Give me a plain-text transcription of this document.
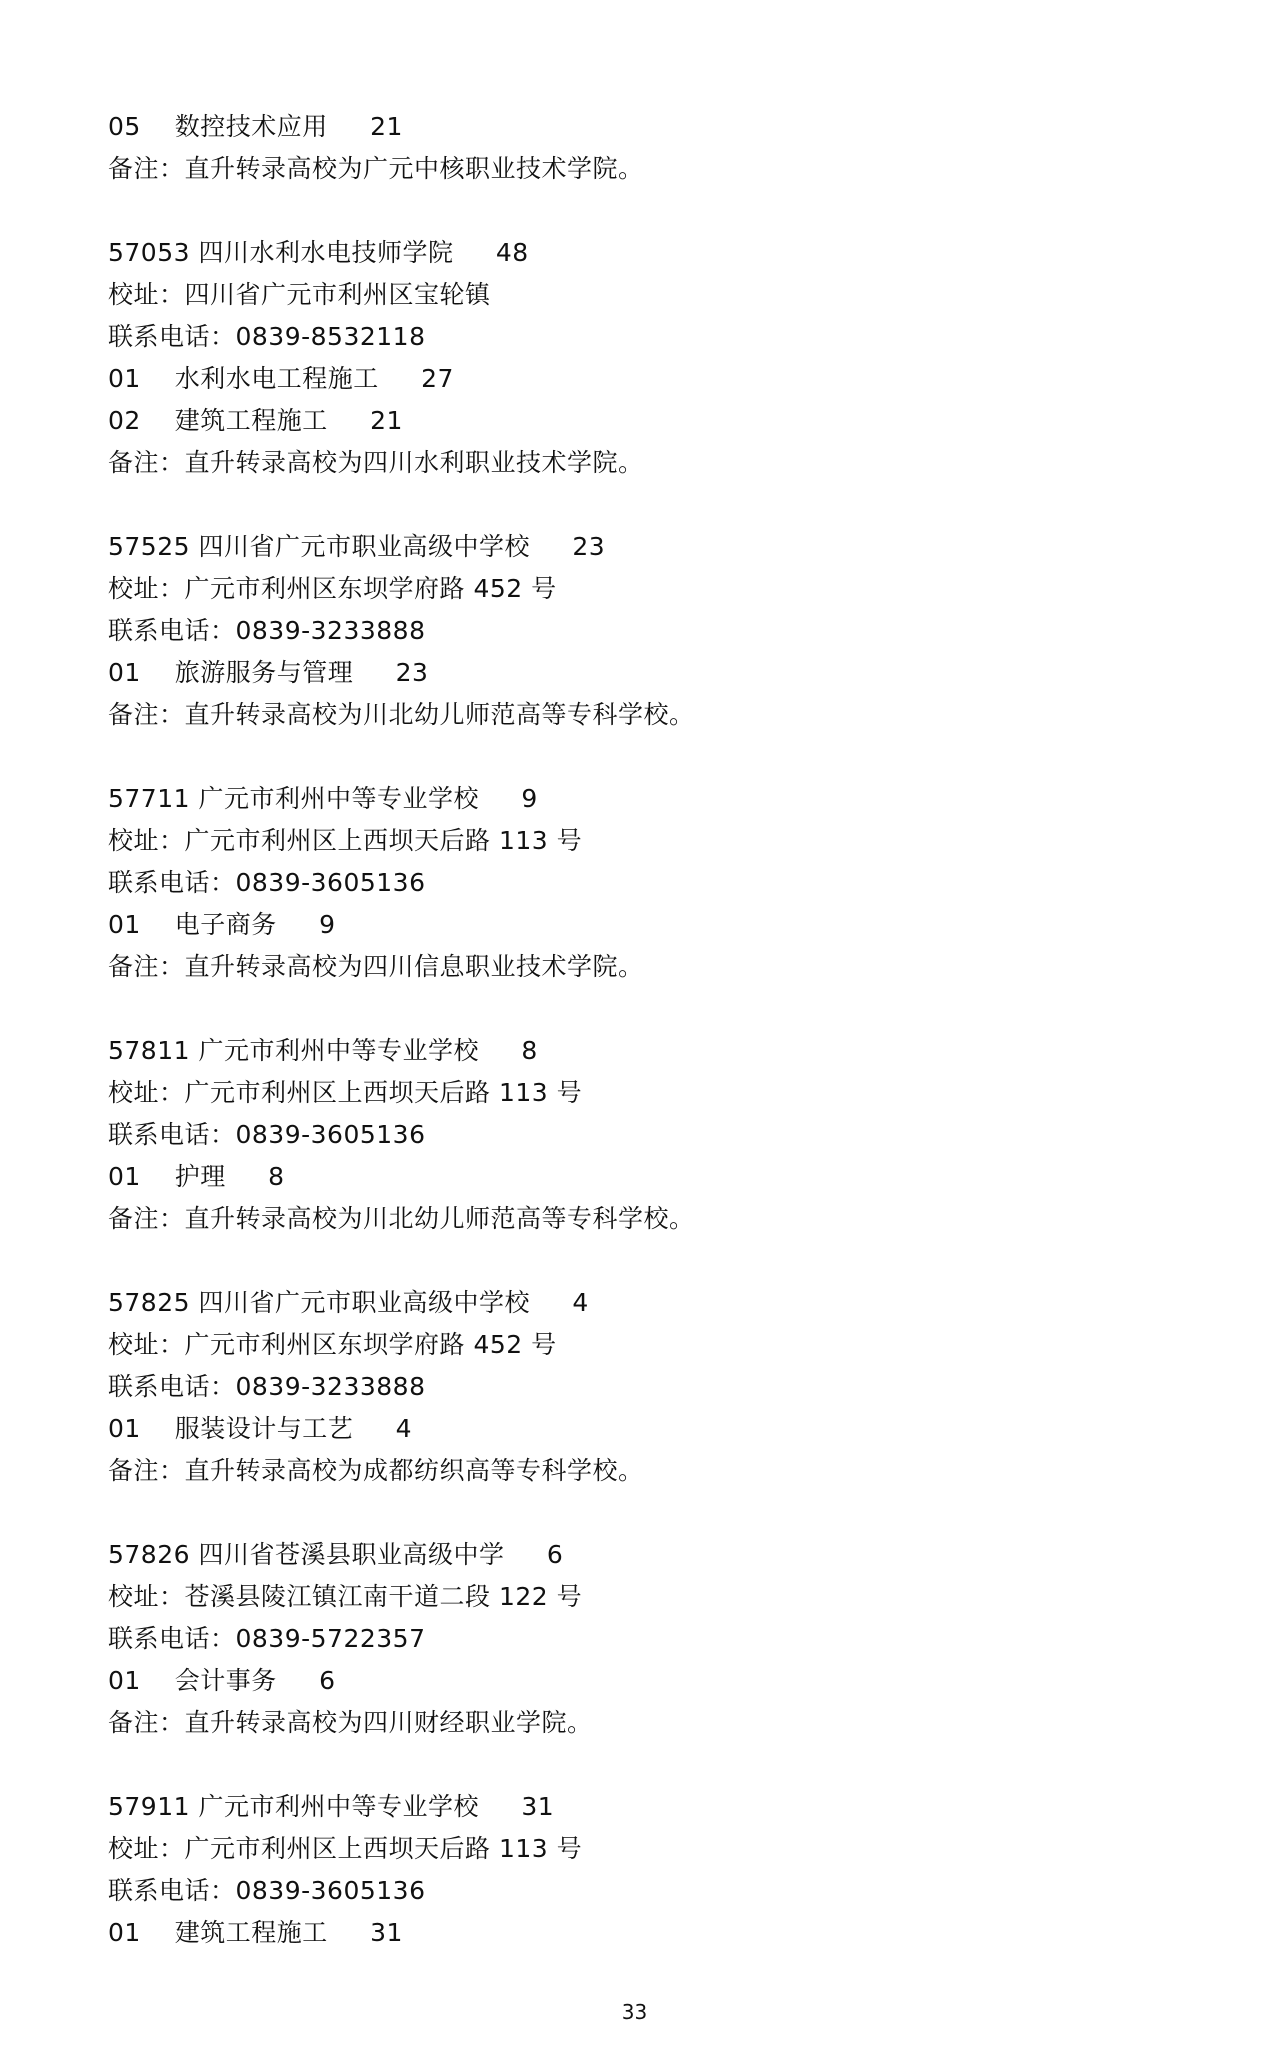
05　 数控技术应用 　 21
备注：直升转录高校为广元中核职业技术学院。
57053 四川水利水电技师学院 　 48
校址：四川省广元市利州区宝轮镇
联系电话：0839-8532118
01　 水利水电工程施工 　 27
02　 建筑工程施工 　 21
备注：直升转录高校为四川水利职业技术学院。
57525 四川省广元市职业高级中学校 　 23
校址：广元市利州区东坝学府路 452 号
联系电话：0839-3233888
01　 旅游服务与管理 　 23
备注：直升转录高校为川北幼儿师范高等专科学校。
57711 广元市利州中等专业学校 　 9
校址：广元市利州区上西坝天后路 113 号
联系电话：0839-3605136
01　 电子商务 　 9
备注：直升转录高校为四川信息职业技术学院。
57811 广元市利州中等专业学校 　 8
校址：广元市利州区上西坝天后路 113 号
联系电话：0839-3605136
01　 护理 　 8
备注：直升转录高校为川北幼儿师范高等专科学校。
57825 四川省广元市职业高级中学校 　 4
校址：广元市利州区东坝学府路 452 号
联系电话：0839-3233888
01　 服装设计与工艺 　 4
备注：直升转录高校为成都纺织高等专科学校。
57826 四川省苍溪县职业高级中学 　 6
校址：苍溪县陵江镇江南干道二段 122 号
联系电话：0839-5722357
01　 会计事务 　 6
备注：直升转录高校为四川财经职业学院。
57911 广元市利州中等专业学校 　 31
校址：广元市利州区上西坝天后路 113 号
联系电话：0839-3605136
01　 建筑工程施工 　 31
33
